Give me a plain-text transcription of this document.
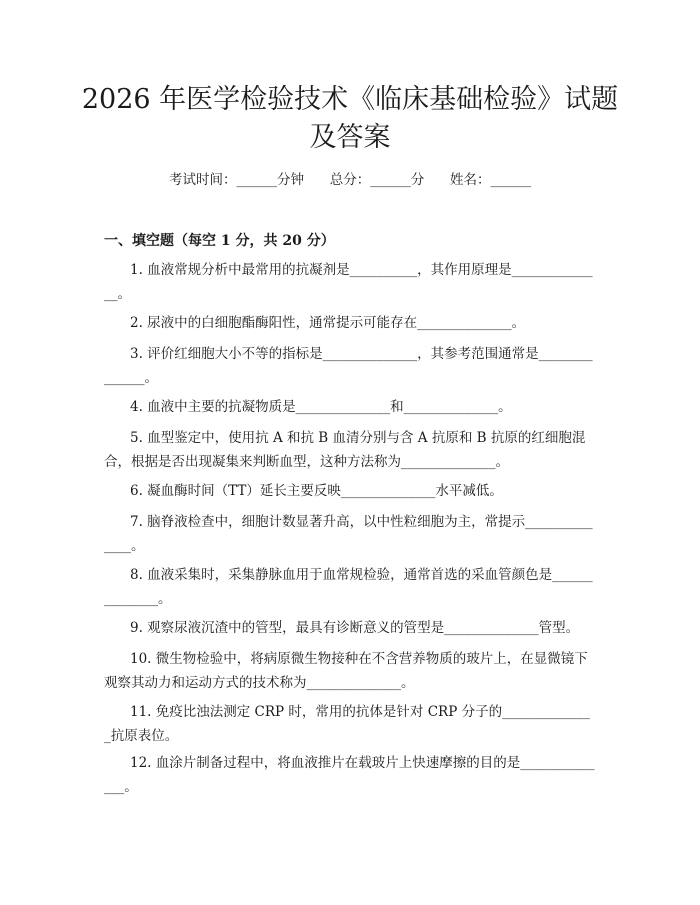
2026 年医学检验技术《临床基础检验》试题
及答案
考试时间：______分钟      总分：______分      姓名：______
一、填空题（每空 1 分，共 20 分）

1. 血液常规分析中最常用的抗凝剂是__________，其作用原理是______________。

2. 尿液中的白细胞酯酶阳性，通常提示可能存在______________。

3. 评价红细胞大小不等的指标是______________，其参考范围通常是______________。

4. 血液中主要的抗凝物质是______________和______________。

5. 血型鉴定中，使用抗 A 和抗 B 血清分别与含 A 抗原和 B 抗原的红细胞混合，根据是否出现凝集来判断血型，这种方法称为______________。

6. 凝血酶时间（TT）延长主要反映______________水平减低。

7. 脑脊液检查中，细胞计数显著升高，以中性粒细胞为主，常提示______________。

8. 血液采集时，采集静脉血用于血常规检验，通常首选的采血管颜色是______________。

9. 观察尿液沉渣中的管型，最具有诊断意义的管型是______________管型。

10. 微生物检验中，将病原微生物接种在不含营养物质的玻片上，在显微镜下观察其动力和运动方式的技术称为______________。

11. 免疫比浊法测定 CRP 时，常用的抗体是针对 CRP 分子的______________抗原表位。

12. 血涂片制备过程中，将血液推片在载玻片上快速摩擦的目的是______________。
